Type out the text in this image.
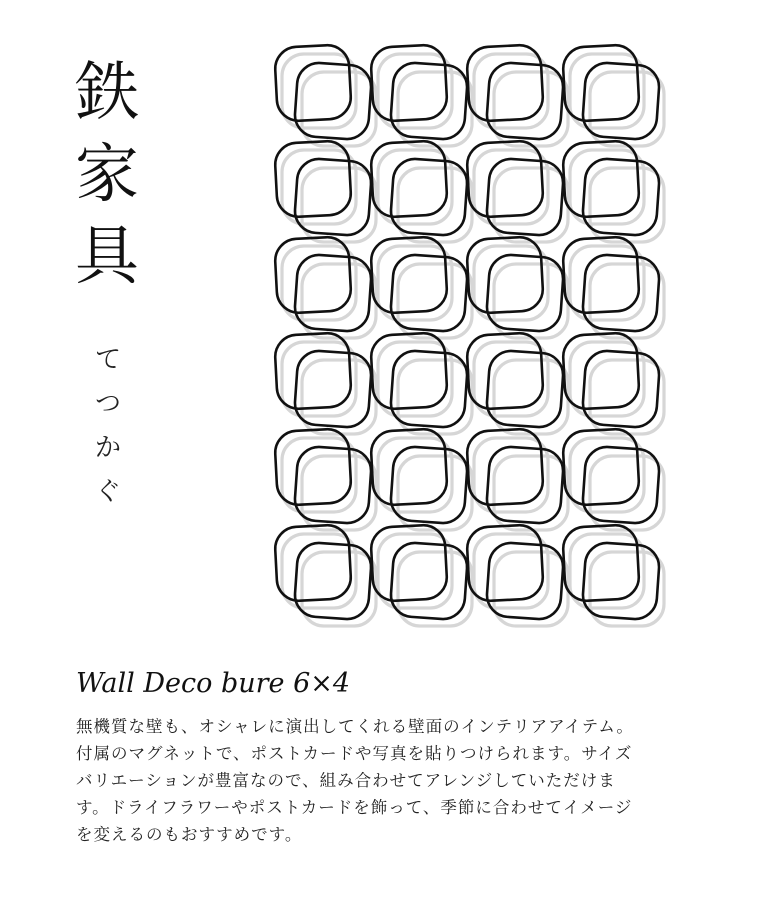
鉄
家
具
て
つ
か
ぐ
Wall Deco bure 6×4
無機質な壁も、オシャレに演出してくれる壁面のインテリアアイテム。
付属のマグネットで、ポストカードや写真を貼りつけられます。サイズ
バリエーションが豊富なので、組み合わせてアレンジしていただけま
す。ドライフラワーやポストカードを飾って、季節に合わせてイメージ
を変えるのもおすすめです。
